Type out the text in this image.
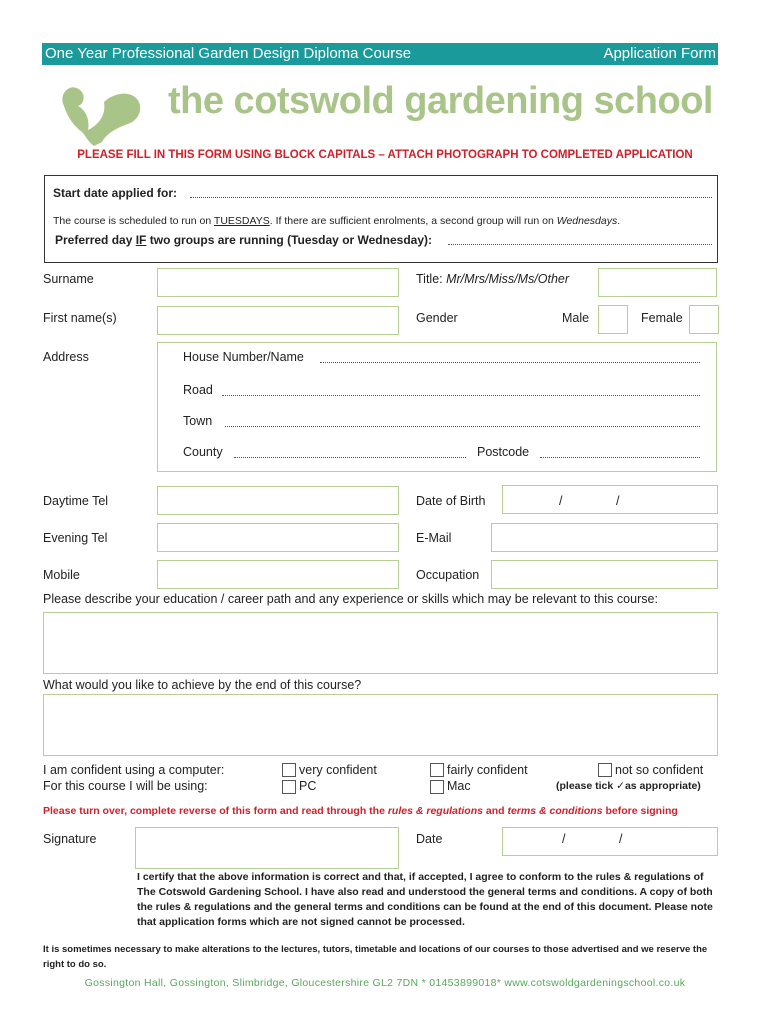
One Year Professional Garden Design Diploma Course	Application Form
the cotswold gardening school
PLEASE FILL IN THIS FORM USING BLOCK CAPITALS – ATTACH PHOTOGRAPH TO COMPLETED APPLICATION
Start date applied for:
The course is scheduled to run on TUESDAYS. If there are sufficient enrolments, a second group will run on Wednesdays.
Preferred day IF two groups are running (Tuesday or Wednesday):
Surname	Title: Mr/Mrs/Miss/Ms/Other
First name(s)	Gender	Male	Female
Address	House Number/Name
Road
Town
County	Postcode
Daytime Tel	Date of Birth	/	/
Evening Tel	E-Mail
Mobile	Occupation
Please describe your education / career path and any experience or skills which may be relevant to this course:
What would you like to achieve by the end of this course?
I am confident using a computer:
For this course I will be using:
very confident	fairly confident	not so confident
PC	Mac	(please tick ✓as appropriate)
Please turn over, complete reverse of this form and read through the rules & regulations and terms & conditions before signing
Signature	Date	/	/
I certify that the above information is correct and that, if accepted, I agree to conform to the rules & regulations of The Cotswold Gardening School. I have also read and understood the general terms and conditions. A copy of both the rules & regulations and the general terms and conditions can be found at the end of this document. Please note that application forms which are not signed cannot be processed.
It is sometimes necessary to make alterations to the lectures, tutors, timetable and locations of our courses to those advertised and we reserve the right to do so.
Gossington Hall, Gossington, Slimbridge, Gloucestershire GL2 7DN * 01453899018* www.cotswoldgardeningschool.co.uk
